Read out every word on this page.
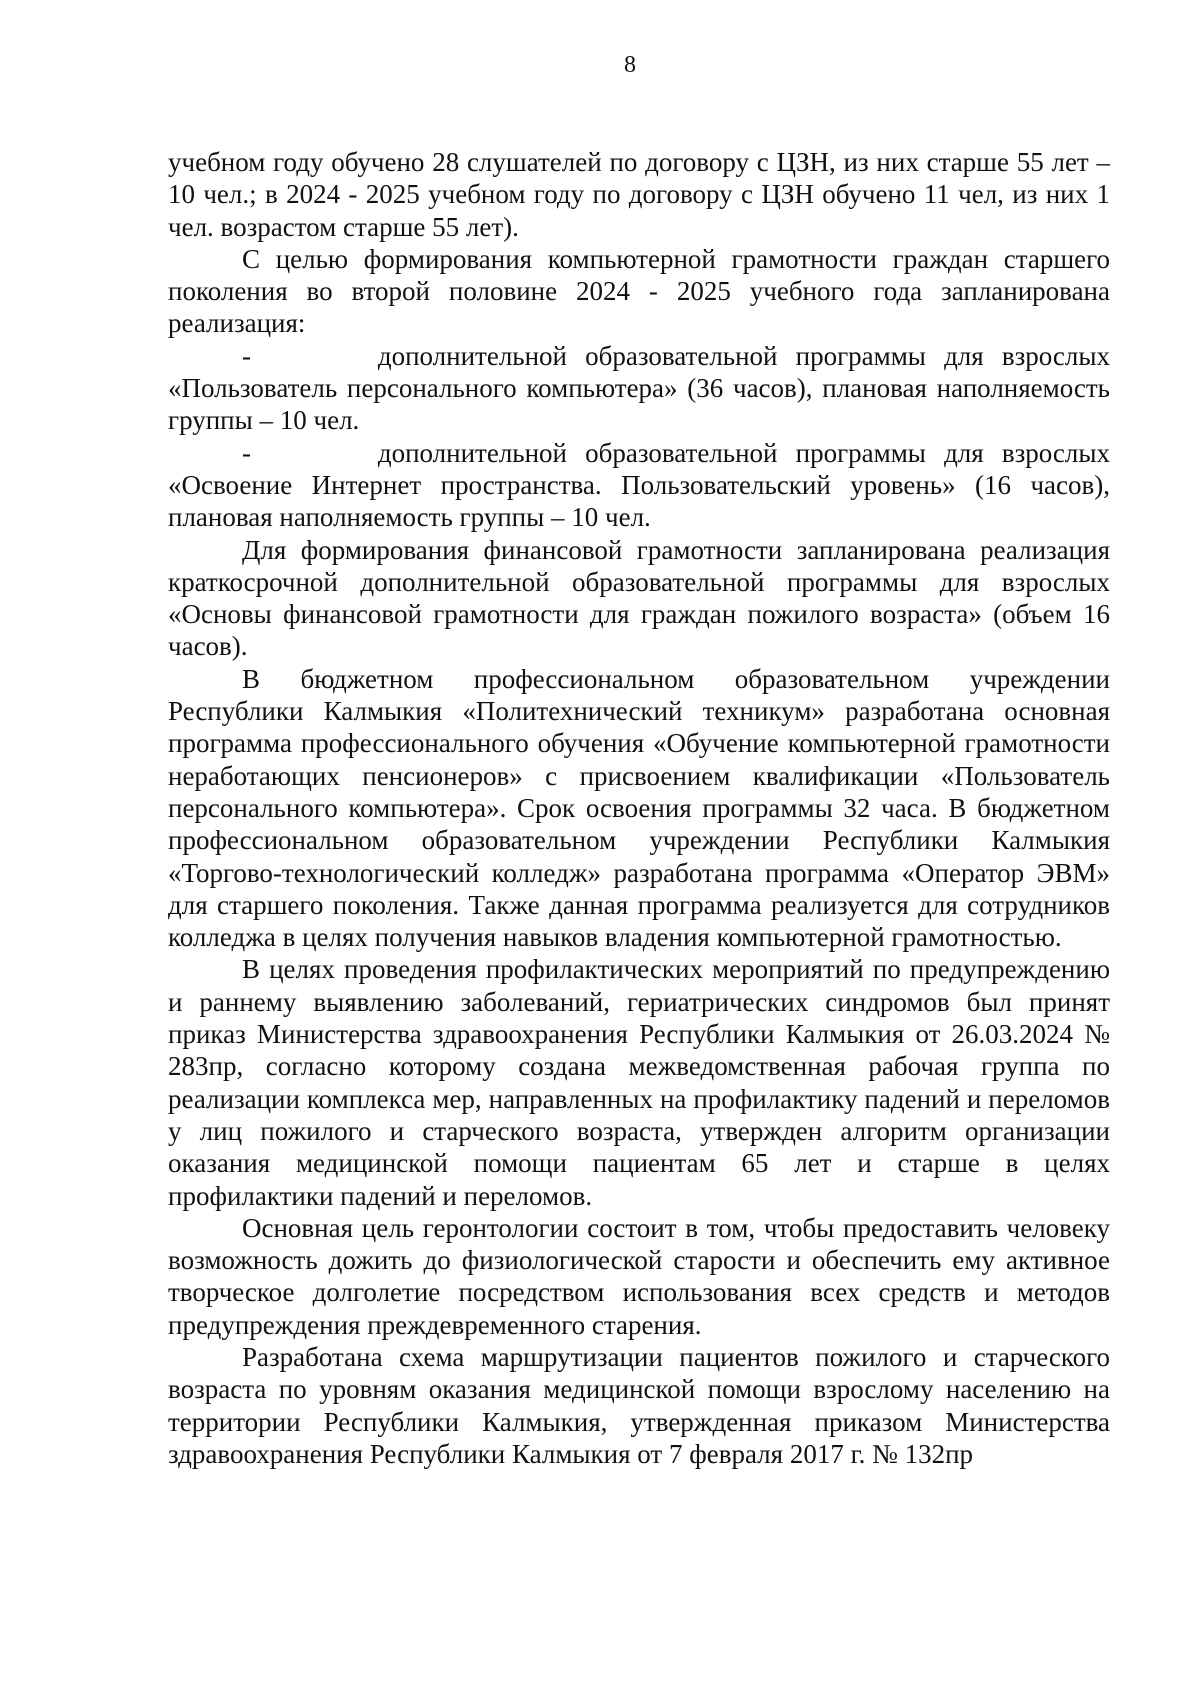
8

учебном году обучено 28 слушателей по договору с ЦЗН, из них старше 55 лет – 10 чел.; в 2024 - 2025 учебном году по договору с ЦЗН обучено 11 чел, из них 1 чел. возрастом старше 55 лет).

С целью формирования компьютерной грамотности граждан старшего поколения во второй половине 2024 - 2025 учебного года запланирована реализация:

-       дополнительной образовательной программы для взрослых «Пользователь персонального компьютера» (36 часов), плановая наполняемость группы – 10 чел.

-       дополнительной образовательной программы для взрослых «Освоение Интернет пространства. Пользовательский уровень» (16 часов), плановая наполняемость группы – 10 чел.

Для формирования финансовой грамотности запланирована реализация краткосрочной дополнительной образовательной программы для взрослых «Основы финансовой грамотности для граждан пожилого возраста» (объем 16 часов).

В бюджетном профессиональном образовательном учреждении Республики Калмыкия «Политехнический техникум» разработана основная программа профессионального обучения «Обучение компьютерной грамотности неработающих пенсионеров» с присвоением квалификации «Пользователь персонального компьютера». Срок освоения программы 32 часа. В бюджетном профессиональном образовательном учреждении Республики Калмыкия «Торгово-технологический колледж» разработана программа «Оператор ЭВМ» для старшего поколения. Также данная программа реализуется для сотрудников колледжа в целях получения навыков владения компьютерной грамотностью.

В целях проведения профилактических мероприятий по предупреждению и раннему выявлению заболеваний, гериатрических синдромов был принят приказ Министерства здравоохранения Республики Калмыкия от 26.03.2024 № 283пр, согласно которому создана межведомственная рабочая группа по реализации комплекса мер, направленных на профилактику падений и переломов у лиц пожилого и старческого возраста, утвержден алгоритм организации оказания медицинской помощи пациентам 65 лет и старше в целях профилактики падений и переломов.

Основная цель геронтологии состоит в том, чтобы предоставить человеку возможность дожить до физиологической старости и обеспечить ему активное творческое долголетие посредством использования всех средств и методов предупреждения преждевременного старения.

Разработана схема маршрутизации пациентов пожилого и старческого возраста по уровням оказания медицинской помощи взрослому населению на территории Республики Калмыкия, утвержденная приказом Министерства здравоохранения Республики Калмыкия от 7 февраля 2017 г. № 132пр
